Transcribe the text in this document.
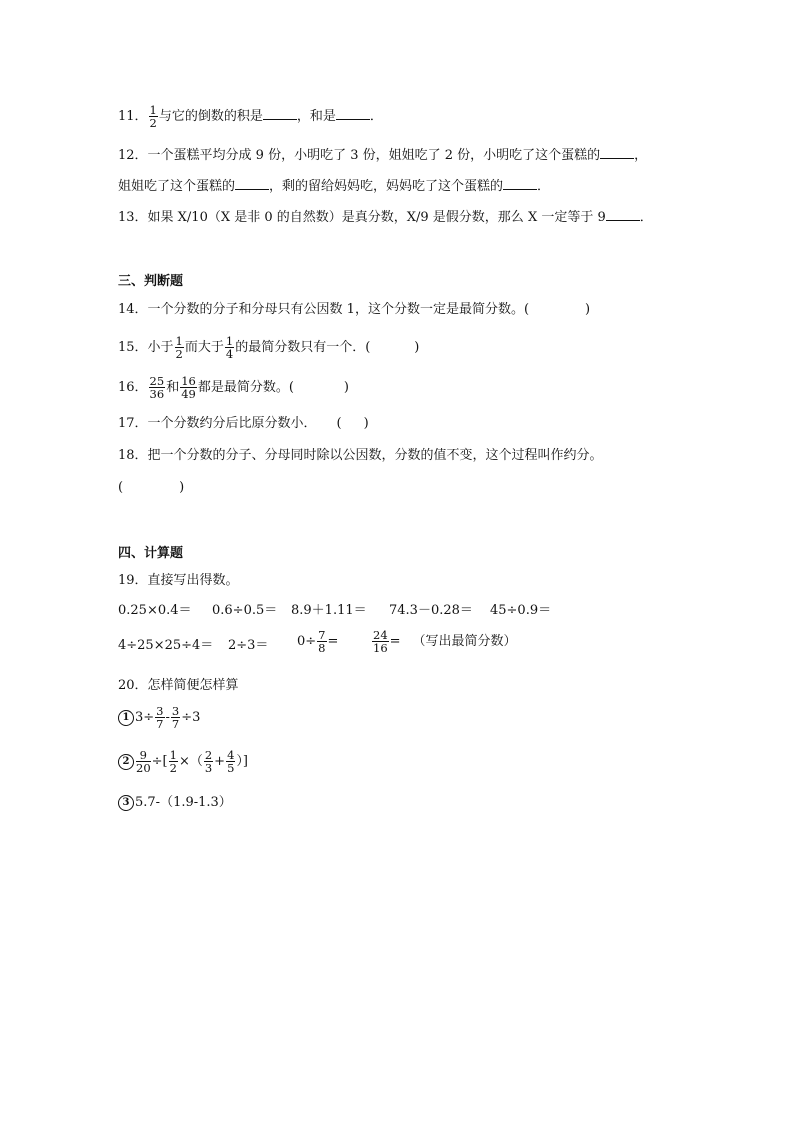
11． $\frac{1}{2}$ 与它的倒数的积是	，和是	．
12．一个蛋糕平均分成 9 份，小明吃了 3 份，姐姐吃了 2 份，小明吃了这个蛋糕的	，
姐姐吃了这个蛋糕的	，剩的留给妈妈吃，妈妈吃了这个蛋糕的	．
13．如果 X/10（X 是非 0 的自然数）是真分数，X/9 是假分数，那么 X 一定等于 9	．
三、判断题
14．一个分数的分子和分母只有公因数 1，这个分数一定是最简分数。(	)
15．小于 $\frac{1}{2}$ 而大于 $\frac{1}{4}$ 的最简分数只有一个．(	)
16． $\frac{25}{36}$ 和 $\frac{16}{49}$ 都是最简分数。(	)
17．一个分数约分后比原分数小． ( )
18．把一个分数的分子、分母同时除以公因数，分数的值不变，这个过程叫作约分。
(	)
四、计算题
19．直接写出得数。
0.25×0.4＝ 0.6÷0.5＝ 8.9＋1.11＝ 74.3－0.28＝ 45÷0.9＝
$4\div 25\times 25\div 4= 2\div 3= 0\div \frac{7}{8}$ =	$\frac{24}{16}$ = （写出最简分数）
20．怎样简便怎样算
1 $3\div \frac{3}{7} - \frac{3}{7} \div 3$
$2 \frac{9}{20}$ ÷[ $\frac{1}{2}$ ×（ $\frac{2}{3} + \frac{4}{5}$ ）]
3 5.7-（1.9-1.3）
